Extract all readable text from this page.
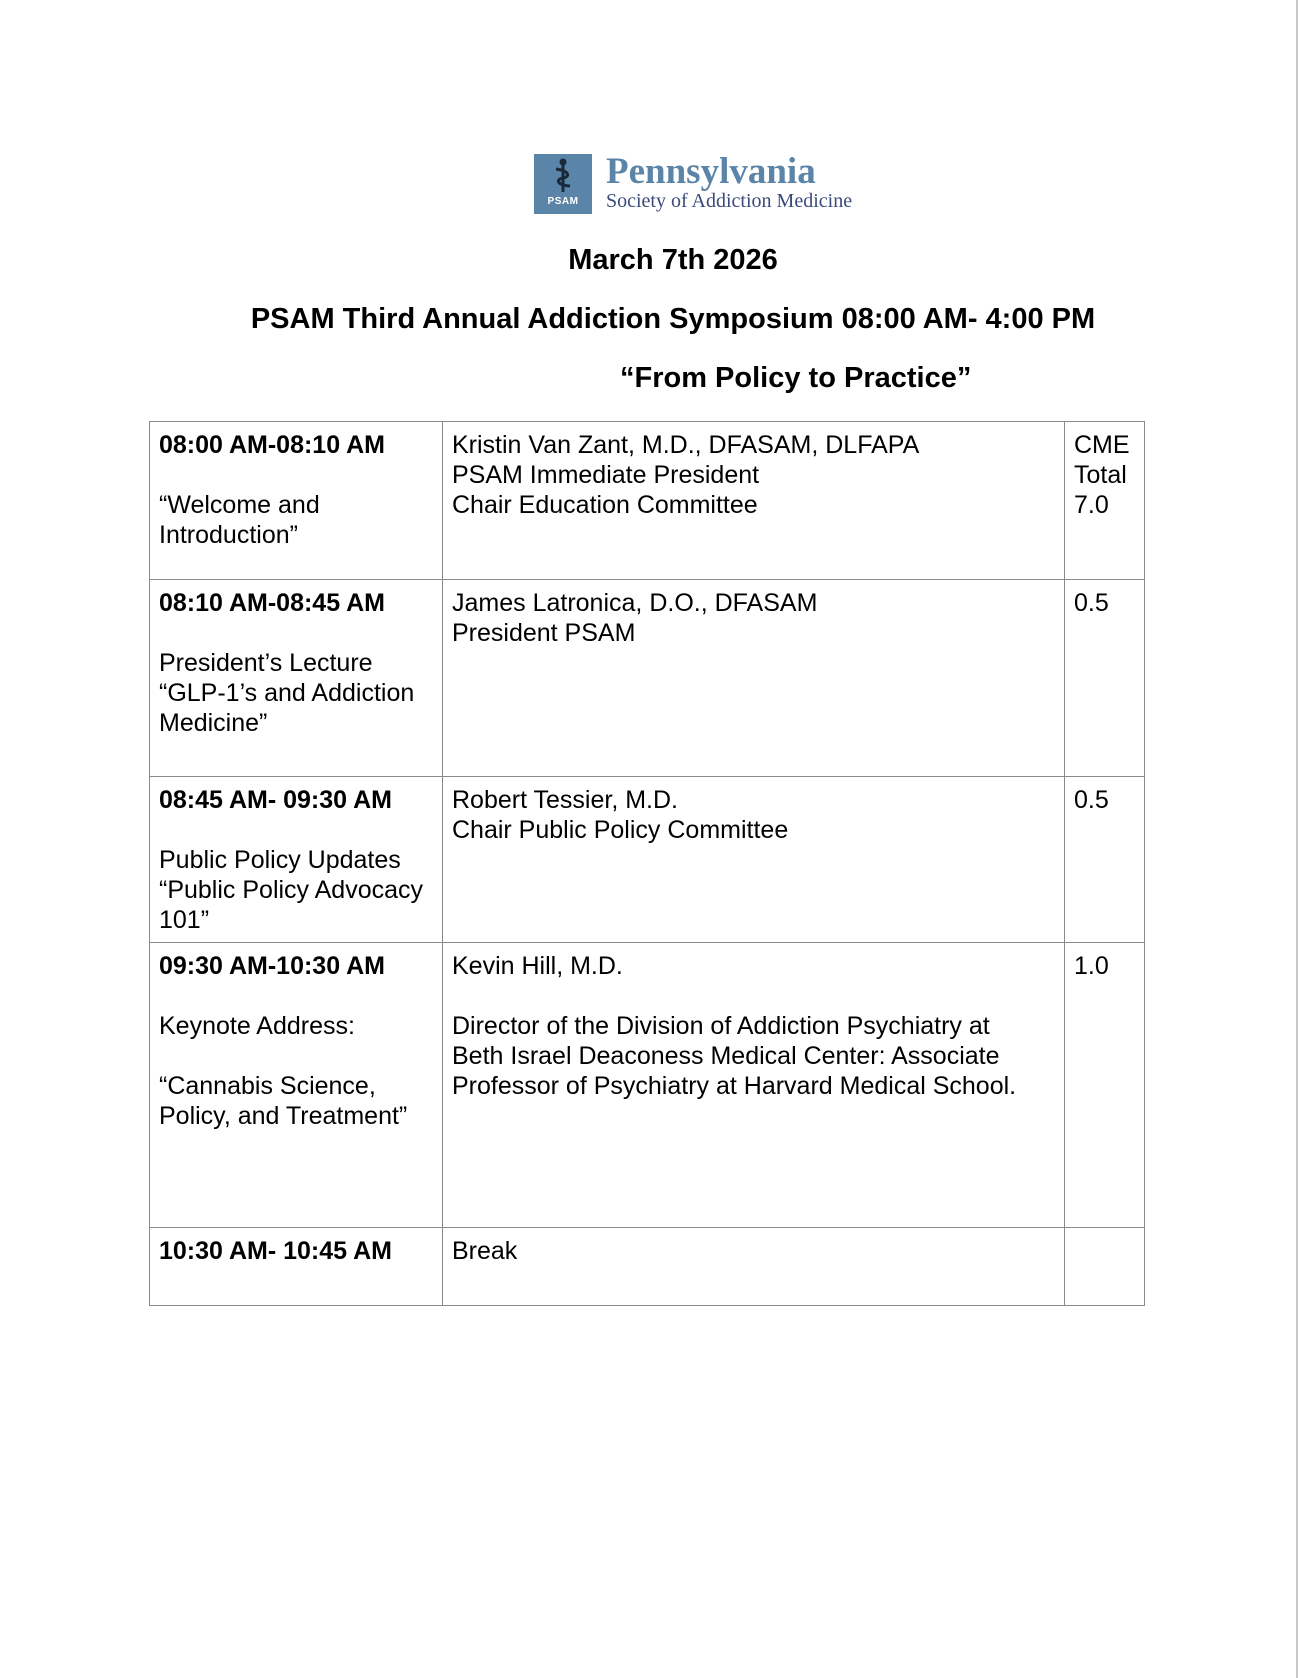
PSAM
Pennsylvania
Society of Addiction Medicine
March 7th 2026
PSAM Third Annual Addiction Symposium 08:00 AM- 4:00 PM
“From Policy to Practice”
08:00 AM-08:10 AM
“Welcome and
Introduction”	Kristin Van Zant, M.D., DFASAM, DLFAPA
PSAM Immediate President
Chair Education Committee	CME
Total
7.0

08:10 AM-08:45 AM
President’s Lecture
“GLP-1’s and Addiction
Medicine”	James Latronica, D.O., DFASAM
President PSAM	0.5

08:45 AM- 09:30 AM
Public Policy Updates
“Public Policy Advocacy
101”	Robert Tessier, M.D.
Chair Public Policy Committee	0.5

09:30 AM-10:30 AM
Keynote Address:
“Cannabis Science,
Policy, and Treatment”	Kevin Hill, M.D.
Director of the Division of Addiction Psychiatry at
Beth Israel Deaconess Medical Center: Associate
Professor of Psychiatry at Harvard Medical School.	1.0

10:30 AM- 10:45 AM	Break	
